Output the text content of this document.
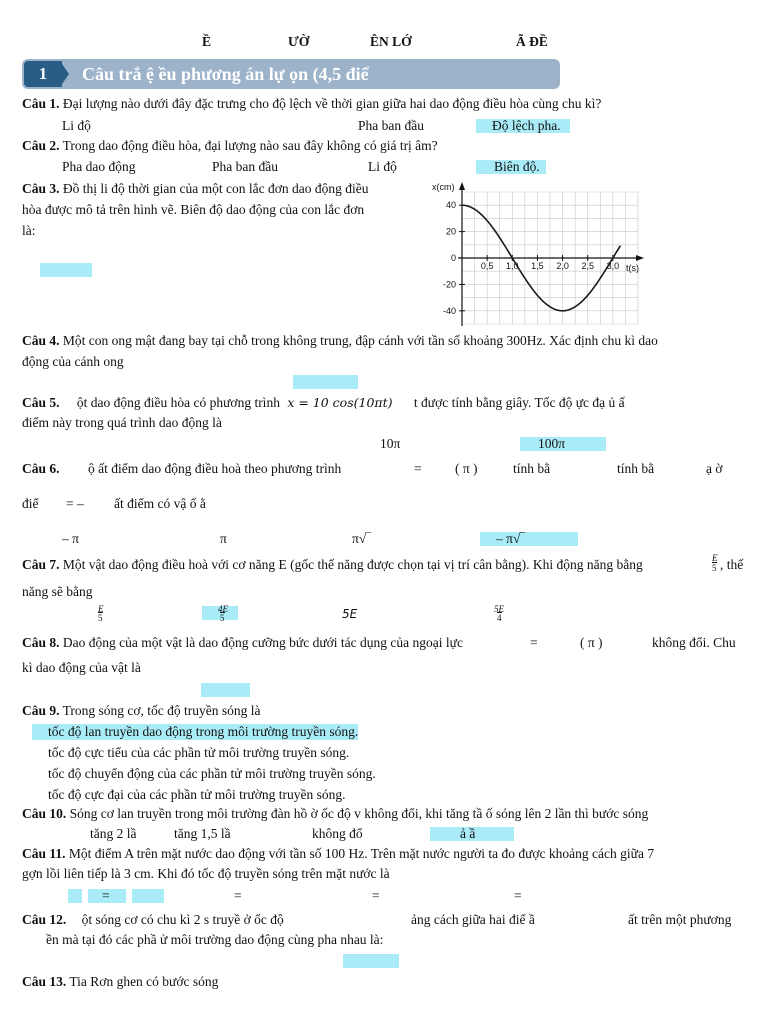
Ề	ƯỜ	ÊN LỚ	Ã ĐỀ
1	Câu trắ ệ ều phương án lự ọn (4,5 điể
Câu 1. Đại lượng nào dưới đây đặc trưng cho độ lệch về thời gian giữa hai dao động điều hòa cùng chu kì?
Li độ	Pha ban đầu	Độ lệch pha.
Câu 2. Trong dao động điều hòa, đại lượng nào sau đây không có giá trị âm?
Pha dao động	Pha ban đầu	Li độ	Biên độ.
Câu 3. Đồ thị li độ thời gian của một con lắc đơn dao động điều
hòa được mô tả trên hình vẽ. Biên độ dao động của con lắc đơn
là:
x(cm)
t(s)
40
20
0
-20
-40
0,5 1,0 1,5 2,0 2,5 3,0
Câu 4. Một con ong mật đang bay tại chỗ trong không trung, đập cánh với tần số khoảng 300Hz. Xác định chu kì dao
động của cánh ong
Câu 5. ột dao động điều hòa có phương trình x = 10 cos(10πt) t được tính bằng giây. Tốc độ ực đạ ủ ấ
điểm này trong quá trình dao động là
10π	100π
Câu 6. ộ ất điểm dao động điều hoà theo phương trình	= ( π )	tính bằ	tính bằ	ạ ờ
điể = – ất điểm có vậ ố ằ
– π	π	π√‾	– π√‾
Câu 7. Một vật dao động điều hoà với cơ năng E (gốc thế năng được chọn tại vị trí cân bằng). Khi động năng bằng	E
5 , thế
năng sẽ bằng
E
5
4E
5	5E	5E
4
Câu 8. Dao động của một vật là dao động cưỡng bức dưới tác dụng của ngoại lực	=	( π )	không đổi. Chu
kì dao động của vật là
Câu 9. Trong sóng cơ, tốc độ truyền sóng là
tốc độ lan truyền dao động trong môi trường truyền sóng.
tốc độ cực tiểu của các phần tử môi trường truyền sóng.
tốc độ chuyển động của các phần tử môi trường truyền sóng.
tốc độ cực đại của các phần tử môi trường truyền sóng.
Câu 10. Sóng cơ lan truyền trong môi trường đàn hồ ờ ốc độ v không đổi, khi tăng tầ ố sóng lên 2 lần thì bước sóng
tăng 2 lầ	tăng 1,5 lầ	không đổ	ả ầ
Câu 11. Một điểm A trên mặt nước dao động với tần số 100 Hz. Trên mặt nước người ta đo được khoảng cách giữa 7
gợn lồi liên tiếp là 3 cm. Khi đó tốc độ truyền sóng trên mặt nước là
=	=	=	=
Câu 12. ột sóng cơ có chu kì 2 s truyề ở ốc độ	ảng cách giữa hai điể ầ	ất trên một phương
ền mà tại đó các phầ ử môi trường dao động cùng pha nhau là:
Câu 13. Tia Rơn ghen có bước sóng
